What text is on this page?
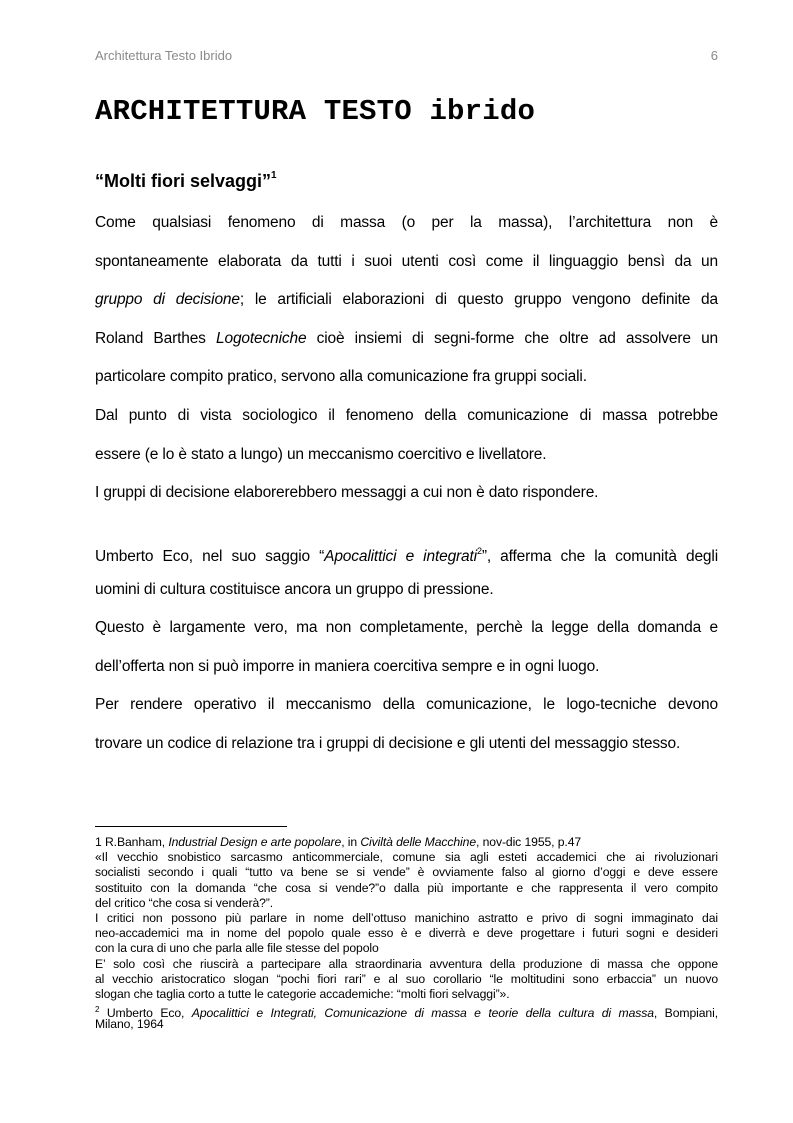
Architettura Testo Ibrido	6
ARCHITETTURA TESTO ibrido
“Molti fiori selvaggi”$^1$
Come qualsiasi fenomeno di massa (o per la massa), l’architettura non è
spontaneamente elaborata da tutti i suoi utenti così come il linguaggio bensì da un
gruppo di decisione; le artificiali elaborazioni di questo gruppo vengono definite da
Roland Barthes Logotecniche cioè insiemi di segni-forme che oltre ad assolvere un
particolare compito pratico, servono alla comunicazione fra gruppi sociali.
Dal punto di vista sociologico il fenomeno della comunicazione di massa potrebbe
essere (e lo è stato a lungo) un meccanismo coercitivo e livellatore.
I gruppi di decisione elaborerebbero messaggi a cui non è dato rispondere.
Umberto Eco, nel suo saggio “Apocalittici e integrati$^2$”, afferma che la comunità degli
uomini di cultura costituisce ancora un gruppo di pressione.
Questo è largamente vero, ma non completamente, perchè la legge della domanda e
dell’offerta non si può imporre in maniera coercitiva sempre e in ogni luogo.
Per rendere operativo il meccanismo della comunicazione, le logo-tecniche devono
trovare un codice di relazione tra i gruppi di decisione e gli utenti del messaggio stesso.
1 R.Banham, Industrial Design e arte popolare, in Civiltà delle Macchine, nov-dic 1955, p.47
«Il vecchio snobistico sarcasmo anticommerciale, comune sia agli esteti accademici che ai rivoluzionari
socialisti secondo i quali “tutto va bene se si vende” è ovviamente falso al giorno d’oggi e deve essere
sostituito con la domanda “che cosa si vende?”o dalla più importante e che rappresenta il vero compito
del critico “che cosa si venderà?”.
I critici non possono più parlare in nome dell’ottuso manichino astratto e privo di sogni immaginato dai
neo-accademici ma in nome del popolo quale esso è e diverrà e deve progettare i futuri sogni e desideri
con la cura di uno che parla alle file stesse del popolo
E’ solo così che riuscirà a partecipare alla straordinaria avventura della produzione di massa che oppone
al vecchio aristocratico slogan “pochi fiori rari” e al suo corollario “le moltitudini sono erbaccia” un nuovo
slogan che taglia corto a tutte le categorie accademiche: “molti fiori selvaggi”».
$^2$ Umberto Eco, Apocalittici e Integrati, Comunicazione di massa e teorie della cultura di massa, Bompiani,
Milano, 1964
